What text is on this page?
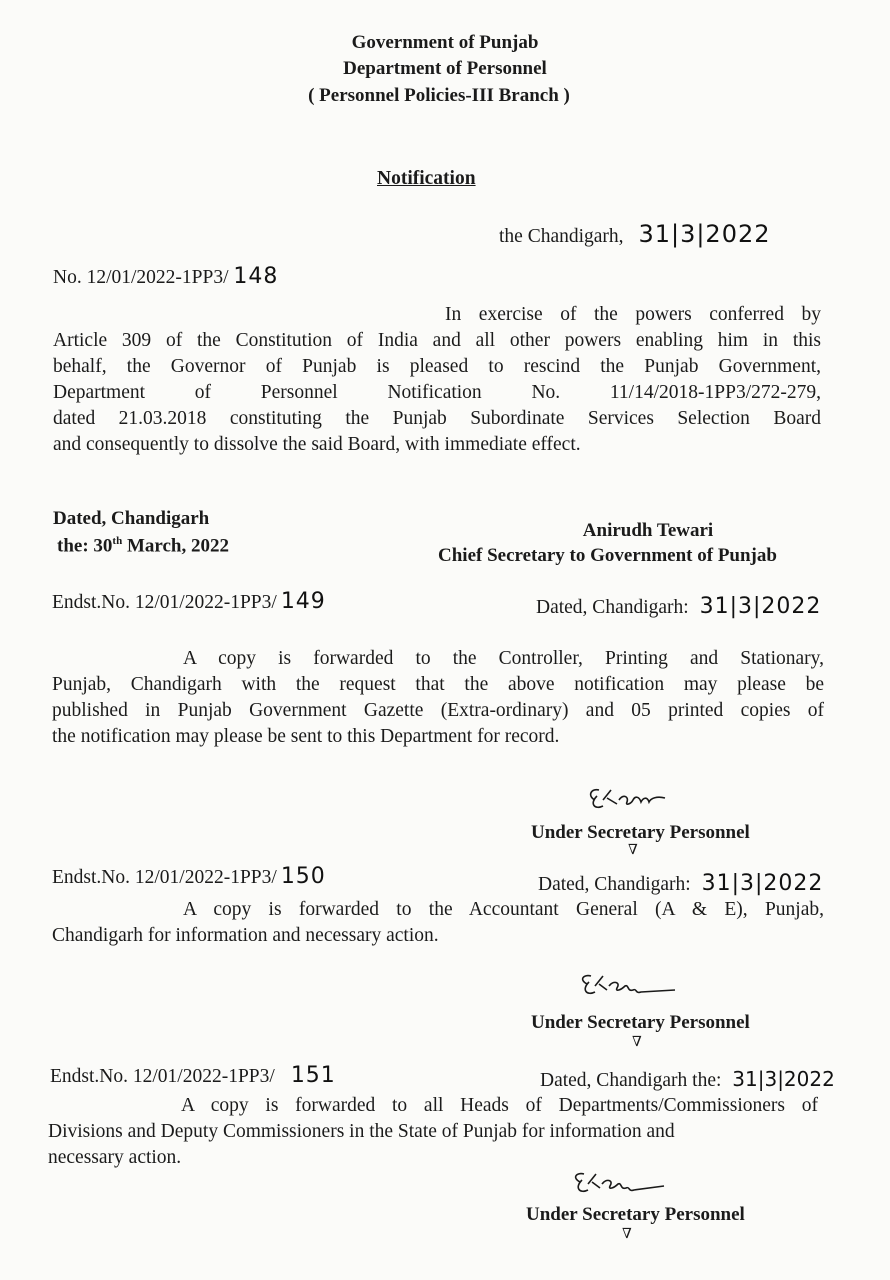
Government of Punjab
Department of Personnel
( Personnel Policies-III Branch )
Notification
the Chandigarh, 31|3|2022
No. 12/01/2022-1PP3/ 148
In exercise of the powers conferred by
Article 309 of the Constitution of India and all other powers enabling him in this
behalf, the Governor of Punjab is pleased to rescind the Punjab Government,
Department of Personnel Notification No. 11/14/2018-1PP3/272-279,
dated 21.03.2018 constituting the Punjab Subordinate Services Selection Board
and consequently to dissolve the said Board, with immediate effect.
Dated, Chandigarh
the: 30th March, 2022
Anirudh Tewari
Chief Secretary to Government of Punjab
Endst.No. 12/01/2022-1PP3/ 149	Dated, Chandigarh: 31|3|2022
A copy is forwarded to the Controller, Printing and Stationary,
Punjab, Chandigarh with the request that the above notification may please be
published in Punjab Government Gazette (Extra-ordinary) and 05 printed copies of
the notification may please be sent to this Department for record.
Under Secretary Personnel
∇
Endst.No. 12/01/2022-1PP3/ 150	Dated, Chandigarh: 31|3|2022
A copy is forwarded to the Accountant General (A & E), Punjab,
Chandigarh for information and necessary action.
Under Secretary Personnel
∇
Endst.No. 12/01/2022-1PP3/ 151	Dated, Chandigarh the: 31|3|2022
A copy is forwarded to all Heads of Departments/Commissioners of
Divisions and Deputy Commissioners in the State of Punjab for information and
necessary action.
Under Secretary Personnel
∇
